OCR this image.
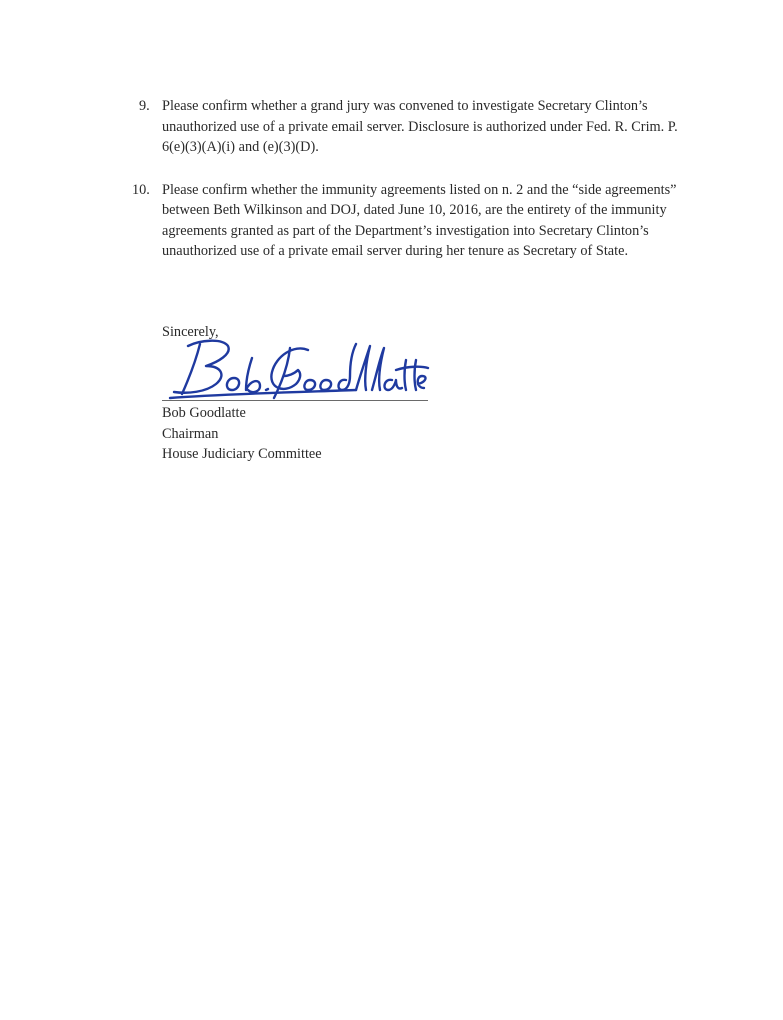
9. Please confirm whether a grand jury was convened to investigate Secretary Clinton’s unauthorized use of a private email server. Disclosure is authorized under Fed. R. Crim. P. 6(e)(3)(A)(i) and (e)(3)(D).
10. Please confirm whether the immunity agreements listed on n. 2 and the “side agreements” between Beth Wilkinson and DOJ, dated June 10, 2016, are the entirety of the immunity agreements granted as part of the Department’s investigation into Secretary Clinton’s unauthorized use of a private email server during her tenure as Secretary of State.
Sincerely,
Bob Goodlatte
Chairman
House Judiciary Committee
